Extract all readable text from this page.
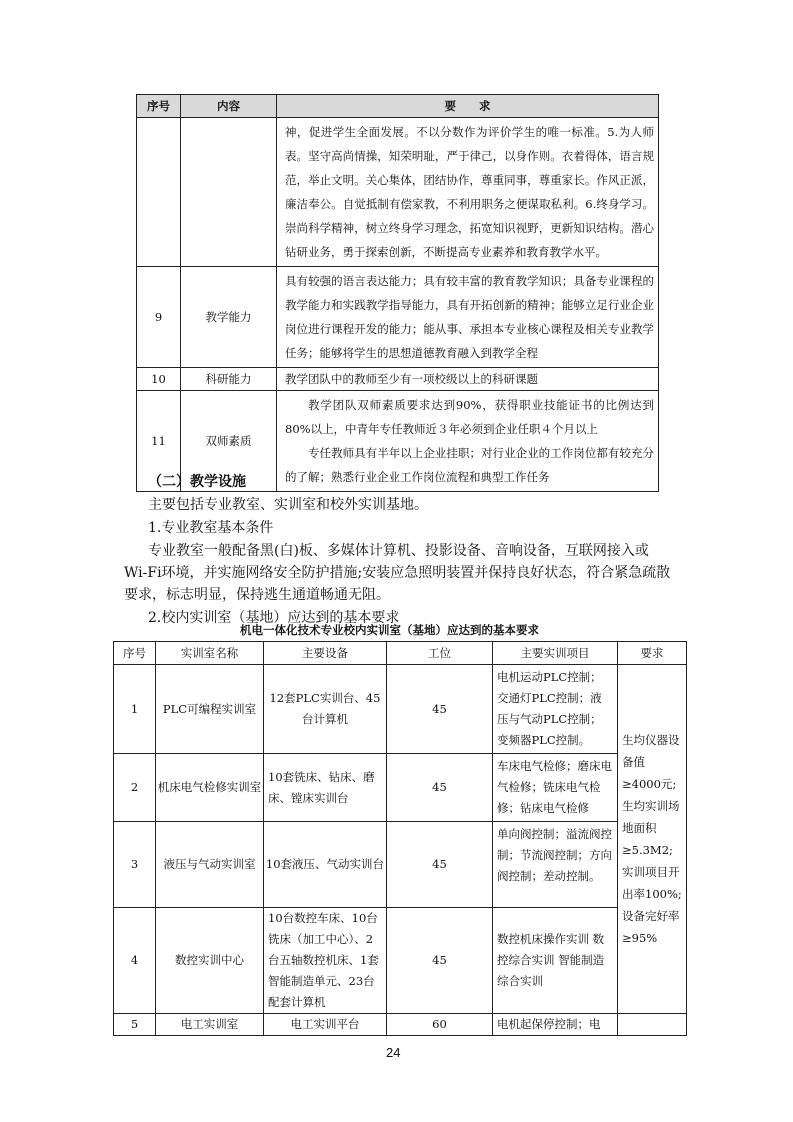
序号	内容	要　　求

		神，促进学生全面发展。不以分数作为评价学生的唯一标准。5.为人师表。坚守高尚情操，知荣明耻，严于律己，以身作则。衣着得体，语言规范，举止文明。关心集体，团结协作，尊重同事，尊重家长。作风正派，廉洁奉公。自觉抵制有偿家教，不利用职务之便谋取私利。6.终身学习。崇尚科学精神，树立终身学习理念，拓宽知识视野，更新知识结构。潜心钻研业务，勇于探索创新，不断提高专业素养和教育教学水平。

9	教学能力	具有较强的语言表达能力；具有较丰富的教育教学知识；具备专业课程的教学能力和实践教学指导能力，具有开拓创新的精神；能够立足行业企业岗位进行课程开发的能力；能从事、承担本专业核心课程及相关专业教学任务；能够将学生的思想道德教育融入到教学全程

10	科研能力	教学团队中的教师至少有一项校级以上的科研课题

11	双师素质	教学团队双师素质要求达到90%，获得职业技能证书的比例达到80%以上，中青年专任教师近３年必须到企业任职４个月以上

专任教师具有半年以上企业挂职；对行业企业的工作岗位都有较充分的了解；熟悉行业企业工作岗位流程和典型工作任务

（二）教学设施

主要包括专业教室、实训室和校外实训基地。

1.专业教室基本条件

专业教室一般配备黑(白)板、多媒体计算机、投影设备、音响设备，互联网接入或Wi-Fi环境，并实施网络安全防护措施;安装应急照明装置并保持良好状态，符合紧急疏散要求，标志明显，保持逃生通道畅通无阻。

2.校内实训室（基地）应达到的基本要求

机电一体化技术专业校内实训室（基地）应达到的基本要求

序号	实训室名称	主要设备	工位	主要实训项目	要求
1	PLC可编程实训室	12套PLC实训台、45台计算机	45	电机运动PLC控制；交通灯PLC控制；液压与气动PLC控制；变频器PLC控制。	生均仪器设备值≥4000元;生均实训场地面积≥5.3M2; 实训项目开出率100%;设备完好率≥95%
2	机床电气检修实训室	10套铣床、钻床、磨床、镗床实训台	45	车床电气检修；磨床电气检修；铣床电气检修；钻床电气检修	
3	液压与气动实训室	10套液压、气动实训台	45	单向阀控制；溢流阀控制；节流阀控制；方向阀控制；差动控制。	
4	数控实训中心	10台数控车床、10台铣床（加工中心）、2台五轴数控机床、1套智能制造单元、23台配套计算机	45	数控机床操作实训 数控综合实训 智能制造综合实训	
5	电工实训室	电工实训平台	60	电机起保停控制；电	
24
